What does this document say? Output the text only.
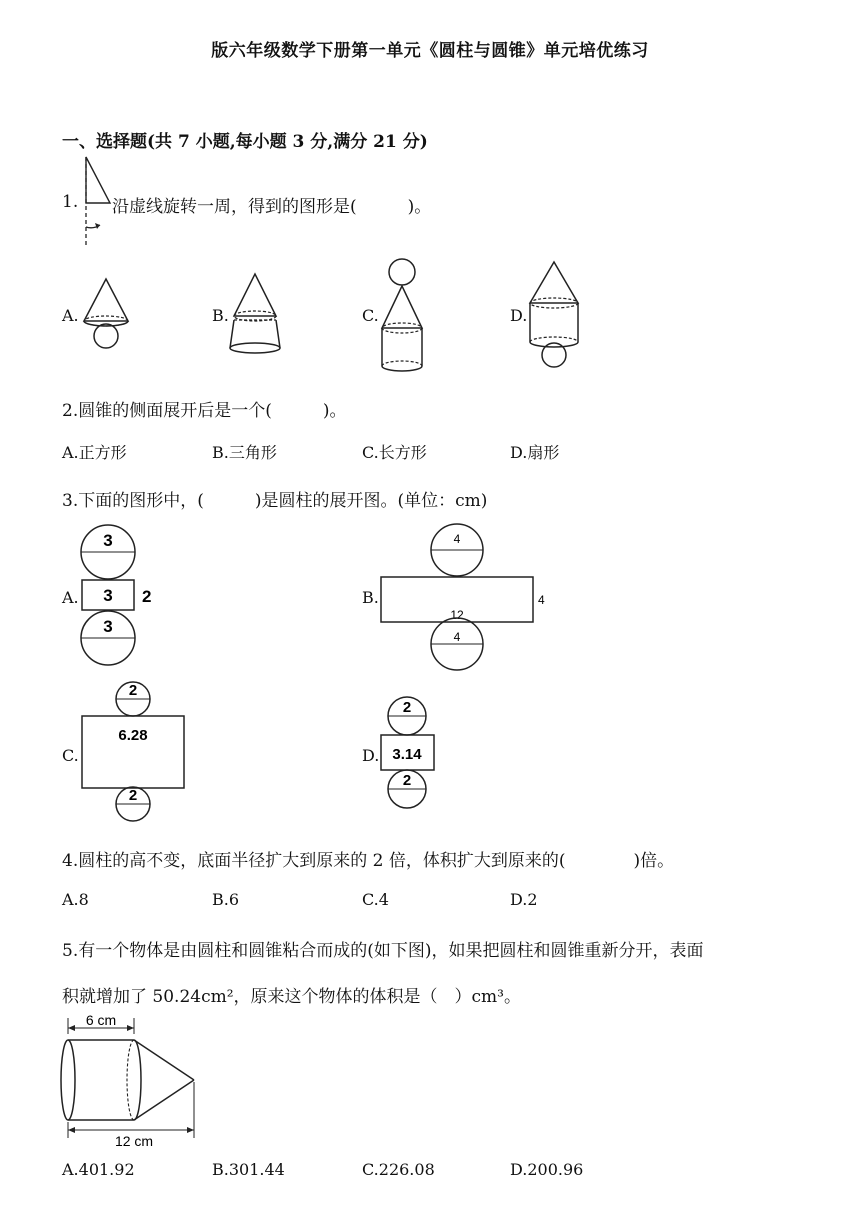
版六年级数学下册第一单元《圆柱与圆锥》单元培优练习
一、选择题(共 7 小题,每小题 3 分,满分 21 分)
1. 沿虚线旋转一周，得到的图形是(　　　)。
A.	B.	C.	D.
2.圆锥的侧面展开后是一个(　　　)。
A.正方形	B.三角形	C.长方形	D.扇形
3.下面的图形中，(　　　)是圆柱的展开图。(单位：cm)
A.
3
3 2
3
B.
4
4
12
4
C.
2
6.28
2
D.
2
3.14
2
4.圆柱的高不变，底面半径扩大到原来的 2 倍，体积扩大到原来的(　　　　)倍。
A.8	B.6	C.4	D.2
5.有一个物体是由圆柱和圆锥粘合而成的(如下图)，如果把圆柱和圆锥重新分开，表面
积就增加了 50.24cm²，原来这个物体的体积是（　）cm³。
6 cm
12 cm
A.401.92	B.301.44	C.226.08	D.200.96
